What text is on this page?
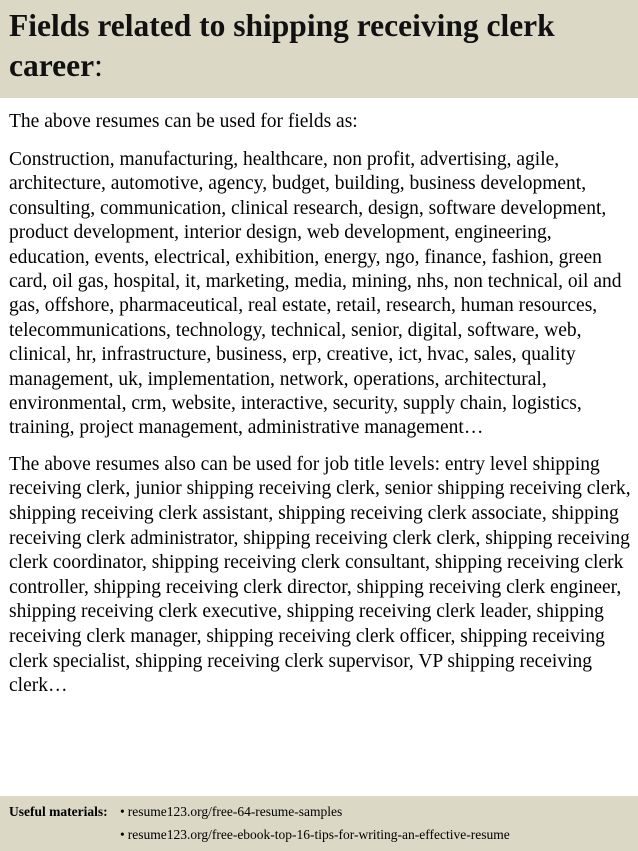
Fields related to shipping receiving clerk career:

The above resumes can be used for fields as:

Construction, manufacturing, healthcare, non profit, advertising, agile, architecture, automotive, agency, budget, building, business development, consulting, communication, clinical research, design, software development, product development, interior design, web development, engineering, education, events, electrical, exhibition, energy, ngo, finance, fashion, green card, oil gas, hospital, it, marketing, media, mining, nhs, non technical, oil and gas, offshore, pharmaceutical, real estate, retail, research, human resources, telecommunications, technology, technical, senior, digital, software, web, clinical, hr, infrastructure, business, erp, creative, ict, hvac, sales, quality management, uk, implementation, network, operations, architectural, environmental, crm, website, interactive, security, supply chain, logistics, training, project management, administrative management…

The above resumes also can be used for job title levels: entry level shipping receiving clerk, junior shipping receiving clerk, senior shipping receiving clerk, shipping receiving clerk assistant, shipping receiving clerk associate, shipping receiving clerk administrator, shipping receiving clerk clerk, shipping receiving clerk coordinator, shipping receiving clerk consultant, shipping receiving clerk controller, shipping receiving clerk director, shipping receiving clerk engineer, shipping receiving clerk executive, shipping receiving clerk leader, shipping receiving clerk manager, shipping receiving clerk officer, shipping receiving clerk specialist, shipping receiving clerk supervisor, VP shipping receiving clerk…

Useful materials: • resume123.org/free-64-resume-samples
• resume123.org/free-ebook-top-16-tips-for-writing-an-effective-resume
